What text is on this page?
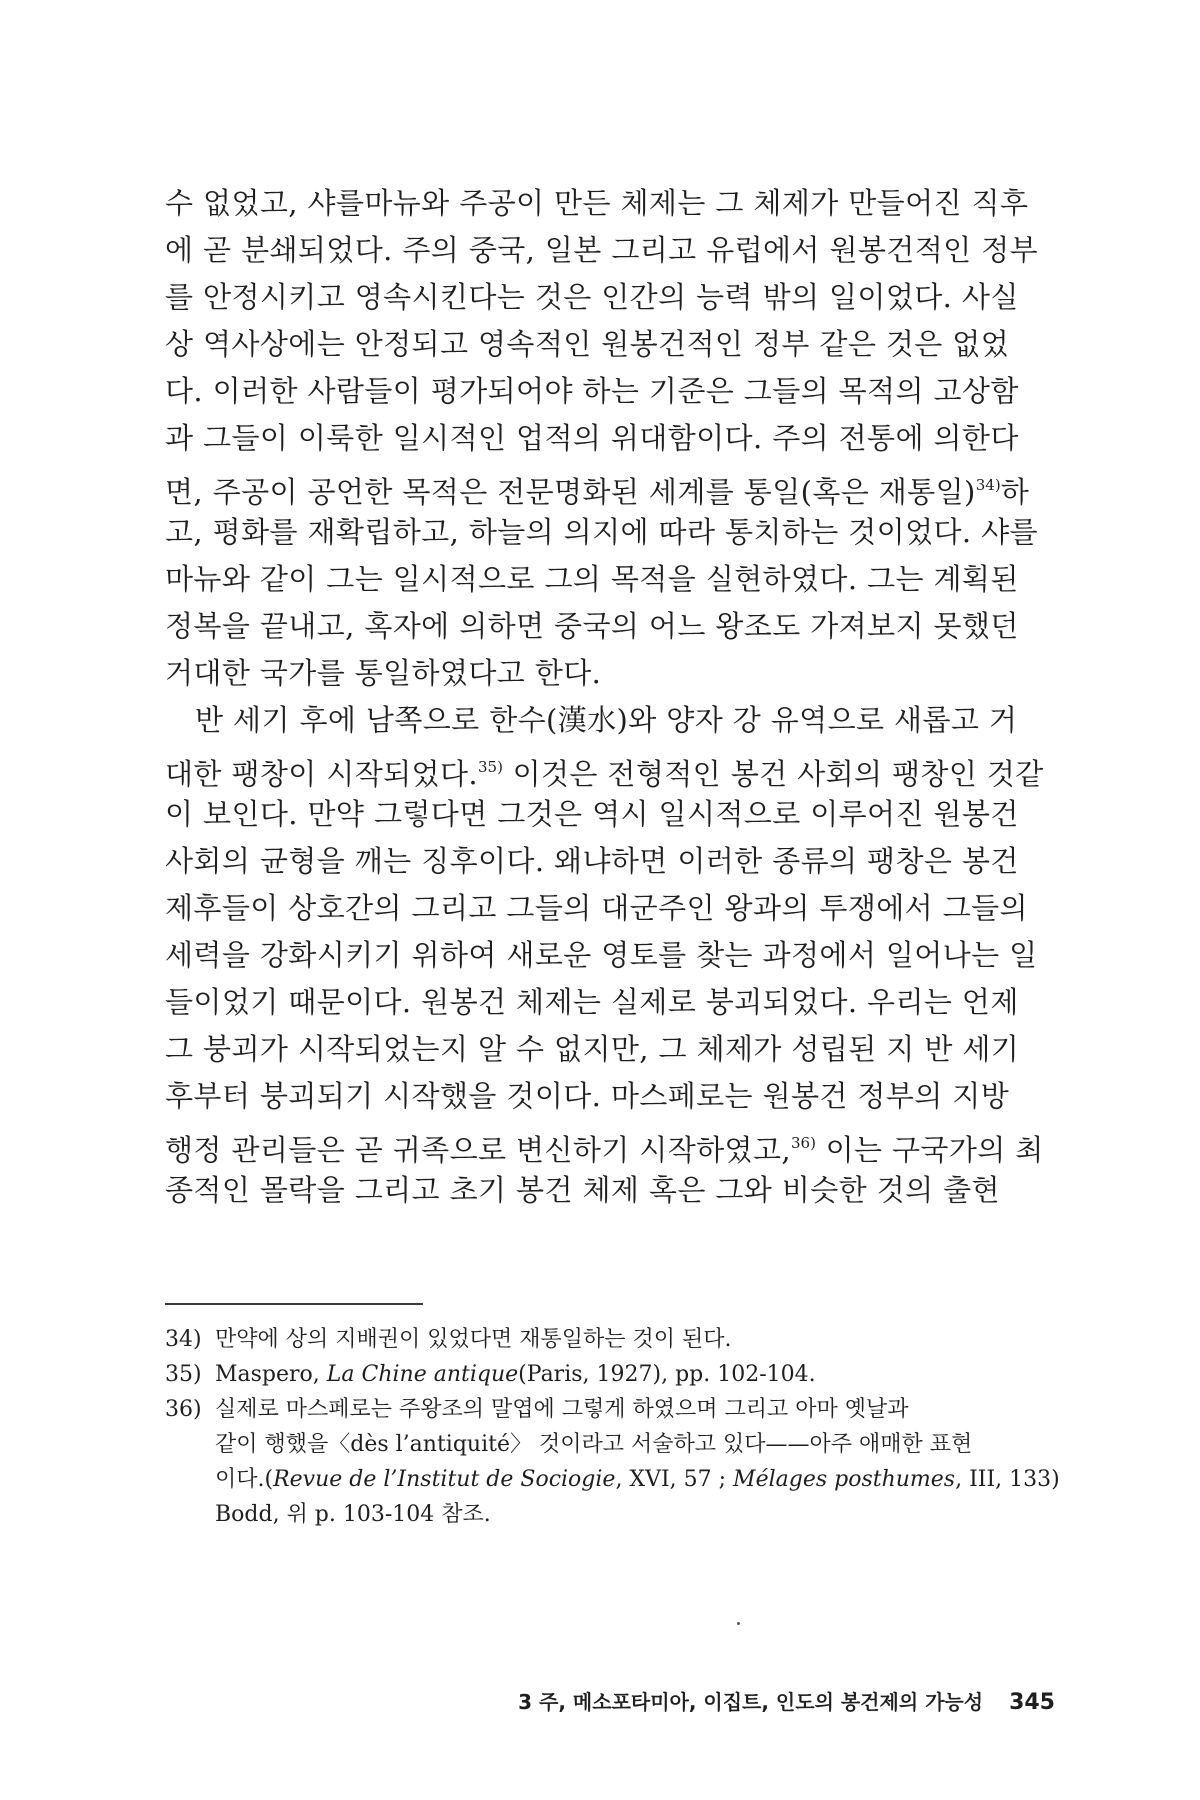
수 없었고, 샤를마뉴와 주공이 만든 체제는 그 체제가 만들어진 직후
에 곧 분쇄되었다. 주의 중국, 일본 그리고 유럽에서 원봉건적인 정부
를 안정시키고 영속시킨다는 것은 인간의 능력 밖의 일이었다. 사실
상 역사상에는 안정되고 영속적인 원봉건적인 정부 같은 것은 없었
다. 이러한 사람들이 평가되어야 하는 기준은 그들의 목적의 고상함
과 그들이 이룩한 일시적인 업적의 위대함이다. 주의 전통에 의한다
면, 주공이 공언한 목적은 전문명화된 세계를 통일(혹은 재통일)$^{34)}$하
고, 평화를 재확립하고, 하늘의 의지에 따라 통치하는 것이었다. 샤를
마뉴와 같이 그는 일시적으로 그의 목적을 실현하였다. 그는 계획된
정복을 끝내고, 혹자에 의하면 중국의 어느 왕조도 가져보지 못했던
거대한 국가를 통일하였다고 한다.
반 세기 후에 남쪽으로 한수(漢水)와 양자 강 유역으로 새롭고 거
대한 팽창이 시작되었다.$^{35)}$ 이것은 전형적인 봉건 사회의 팽창인 것같
이 보인다. 만약 그렇다면 그것은 역시 일시적으로 이루어진 원봉건
사회의 균형을 깨는 징후이다. 왜냐하면 이러한 종류의 팽창은 봉건
제후들이 상호간의 그리고 그들의 대군주인 왕과의 투쟁에서 그들의
세력을 강화시키기 위하여 새로운 영토를 찾는 과정에서 일어나는 일
들이었기 때문이다. 원봉건 체제는 실제로 붕괴되었다. 우리는 언제
그 붕괴가 시작되었는지 알 수 없지만, 그 체제가 성립된 지 반 세기
후부터 붕괴되기 시작했을 것이다. 마스페로는 원봉건 정부의 지방
행정 관리들은 곧 귀족으로 변신하기 시작하였고,$^{36)}$ 이는 구국가의 최
종적인 몰락을 그리고 초기 봉건 체제 혹은 그와 비슷한 것의 출현
34) 만약에 상의 지배권이 있었다면 재통일하는 것이 된다.
35) Maspero, La Chine antique(Paris, 1927), pp. 102-104.
36) 실제로 마스페로는 주왕조의 말엽에 그렇게 하였으며 그리고 아마 옛날과
같이 행했을〈dès l’antiquité〉 것이라고 서술하고 있다——아주 애매한 표현
이다.(Revue de l’Institut de Sociogie, XVI, 57 ; Mélages posthumes, III, 133)
Bodd, 위 p. 103-104 참조.
3 주, 메소포타미아, 이집트, 인도의 봉건제의 가능성 345
